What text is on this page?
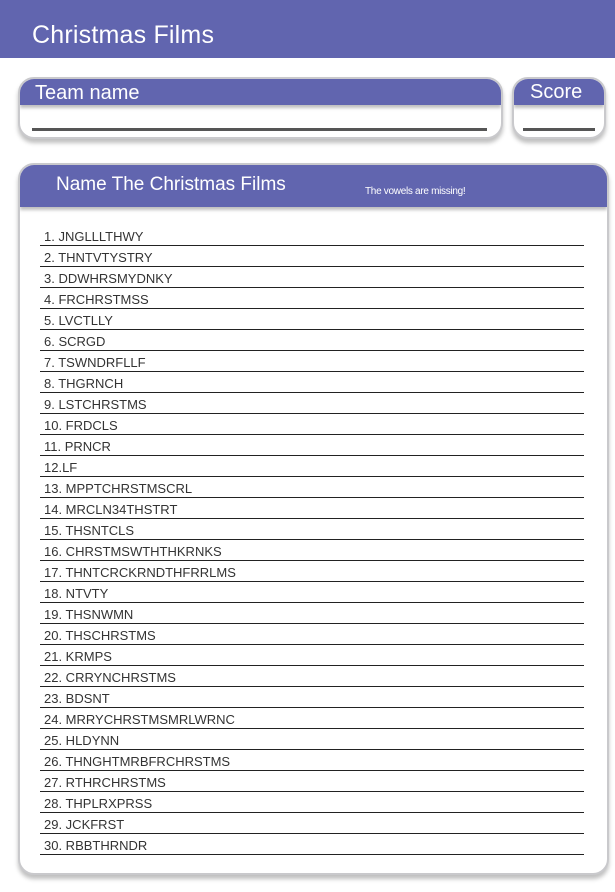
Christmas Films
Team name	Score
Name The Christmas Films	The vowels are missing!
1. JNGLLLTHWY
2. THNTVTYSTRY
3. DDWHRSMYDNKY
4. FRCHRSTMSS
5. LVCTLLY
6. SCRGD
7. TSWNDRFLLF
8. THGRNCH
9. LSTCHRSTMS
10. FRDCLS
11. PRNCR
12.LF
13. MPPTCHRSTMSCRL
14. MRCLN34THSTRT
15. THSNTCLS
16. CHRSTMSWTHTHKRNKS
17. THNTCRCKRNDTHFRRLMS
18. NTVTY
19. THSNWMN
20. THSCHRSTMS
21. KRMPS
22. CRRYNCHRSTMS
23. BDSNT
24. MRRYCHRSTMSMRLWRNC
25. HLDYNN
26. THNGHTMRBFRCHRSTMS
27. RTHRCHRSTMS
28. THPLRXPRSS
29. JCKFRST
30. RBBTHRNDR
